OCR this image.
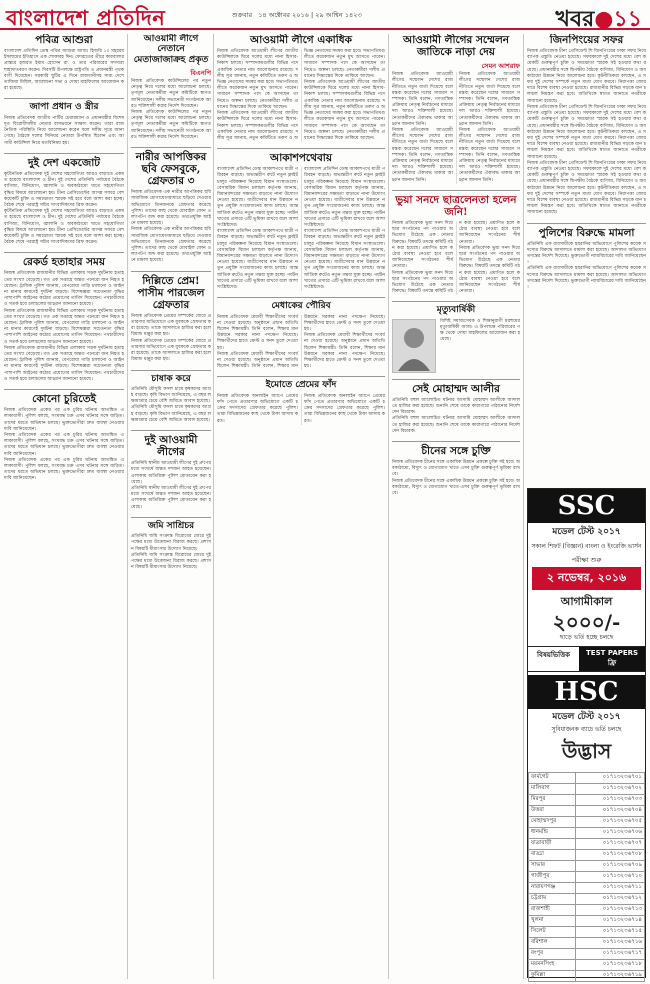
বাংলাদেশ প্রতিদিন	শুক্রবার ১৪ অক্টোবর ২০১৬ | ২৯ আশ্বিন ১৪২৩	খবর●১১
পবিত্র আশুরা
বাংলাদেশ প্রতিদিন ডেস্ক পবিত্র আশুরা আজ। হিজরি ১০ মহররম ইসলামের ইতিহাসে এক শোকাবহ দিন। ফোরাতের তীরে কারবালার প্রান্তরে হজরত ইমাম হোসেন রা. ও তার পরিবারের সদস্যরা শাহাদাতবরণ করেন। দিবসটি উপলক্ষে রাষ্ট্রপতি ও প্রধানমন্ত্রী পৃথক বাণী দিয়েছেন। সরকারি ছুটির এ দিনে রাজধানীসহ সারা দেশে তাজিয়া মিছিল, আলোচনা সভা ও দোয়া মাহফিলের আয়োজন করা হয়েছে।
জাপা প্রধান ও স্ত্রীর
নিজস্ব প্রতিবেদক জাতীয় পার্টির চেয়ারম্যান ও প্রধানমন্ত্রীর বিশেষ দূত বিরোধীদলীয় নেতার বাসভবনে সাক্ষাৎ করেন। তারা রাজনৈতিক পরিস্থিতি নিয়ে আলোচনা করেন বলে দলীয় সূত্রে জানা গেছে। বৈঠকে দলের সিনিয়র নেতারা উপস্থিত ছিলেন এবং আগামী কাউন্সিল নিয়ে মতবিনিময় হয়।
দুই দেশ একজোট
কূটনৈতিক প্রতিবেদক দুই দেশের সহযোগিতা আরও বাড়াতে একমত হয়েছে বাংলাদেশ ও চীন। দুই দেশের প্রতিনিধি পর্যায়ের বৈঠকে বাণিজ্য, বিনিয়োগ, জ্বালানি ও অবকাঠামো খাতে সহযোগিতা বৃদ্ধির বিষয়ে আলোচনা হয়। চীনা প্রেসিডেন্টের আসন্ন সফরে বেশ কয়েকটি চুক্তি ও সমঝোতা স্মারক সই হবে বলে আশা করা হচ্ছে। বৈঠক শেষে পররাষ্ট্র সচিব সাংবাদিকদের ব্রিফ করেন।
কূটনৈতিক প্রতিবেদক দুই দেশের সহযোগিতা আরও বাড়াতে একমত হয়েছে বাংলাদেশ ও চীন। দুই দেশের প্রতিনিধি পর্যায়ের বৈঠকে বাণিজ্য, বিনিয়োগ, জ্বালানি ও অবকাঠামো খাতে সহযোগিতা বৃদ্ধির বিষয়ে আলোচনা হয়। চীনা প্রেসিডেন্টের আসন্ন সফরে বেশ কয়েকটি চুক্তি ও সমঝোতা স্মারক সই হবে বলে আশা করা হচ্ছে। বৈঠক শেষে পররাষ্ট্র সচিব সাংবাদিকদের ব্রিফ করেন।
রেকর্ড হতাহার সময়
নিজস্ব প্রতিবেদক রাজধানীর বিভিন্ন এলাকায় সড়ক দুর্ঘটনায় হতাহতের সংখ্যা বেড়েছে। গত এক সপ্তাহে অন্তত পনেরো জন নিহত হয়েছেন। ট্রাফিক পুলিশ জানায়, বেপরোয়া গাড়ি চালানো ও আইন না মানার কারণেই দুর্ঘটনা বাড়ছে। বিশেষজ্ঞরা সচেতনতা বৃদ্ধির পাশাপাশি আইনের কঠোর প্রয়োগের তাগিদ দিয়েছেন। পথচারীদেরও সতর্ক হয়ে চলাচলের আহ্বান জানানো হয়েছে।
নিজস্ব প্রতিবেদক রাজধানীর বিভিন্ন এলাকায় সড়ক দুর্ঘটনায় হতাহতের সংখ্যা বেড়েছে। গত এক সপ্তাহে অন্তত পনেরো জন নিহত হয়েছেন। ট্রাফিক পুলিশ জানায়, বেপরোয়া গাড়ি চালানো ও আইন না মানার কারণেই দুর্ঘটনা বাড়ছে। বিশেষজ্ঞরা সচেতনতা বৃদ্ধির পাশাপাশি আইনের কঠোর প্রয়োগের তাগিদ দিয়েছেন। পথচারীদেরও সতর্ক হয়ে চলাচলের আহ্বান জানানো হয়েছে।
নিজস্ব প্রতিবেদক রাজধানীর বিভিন্ন এলাকায় সড়ক দুর্ঘটনায় হতাহতের সংখ্যা বেড়েছে। গত এক সপ্তাহে অন্তত পনেরো জন নিহত হয়েছেন। ট্রাফিক পুলিশ জানায়, বেপরোয়া গাড়ি চালানো ও আইন না মানার কারণেই দুর্ঘটনা বাড়ছে। বিশেষজ্ঞরা সচেতনতা বৃদ্ধির পাশাপাশি আইনের কঠোর প্রয়োগের তাগিদ দিয়েছেন। পথচারীদেরও সতর্ক হয়ে চলাচলের আহ্বান জানানো হয়েছে।
কোনো চুরিতেই
নিজস্ব প্রতিবেদক একের পর এক চুরির ঘটনায় আতঙ্কিত এলাকাবাসী। পুলিশ বলছে, সংঘবদ্ধ চক্র এসব ঘটনার সঙ্গে জড়িত। তাদের ধরতে অভিযান চলছে। ভুক্তভোগীরা দ্রুত ব্যবস্থা নেওয়ার দাবি জানিয়েছেন।
নিজস্ব প্রতিবেদক একের পর এক চুরির ঘটনায় আতঙ্কিত এলাকাবাসী। পুলিশ বলছে, সংঘবদ্ধ চক্র এসব ঘটনার সঙ্গে জড়িত। তাদের ধরতে অভিযান চলছে। ভুক্তভোগীরা দ্রুত ব্যবস্থা নেওয়ার দাবি জানিয়েছেন।
নিজস্ব প্রতিবেদক একের পর এক চুরির ঘটনায় আতঙ্কিত এলাকাবাসী। পুলিশ বলছে, সংঘবদ্ধ চক্র এসব ঘটনার সঙ্গে জড়িত। তাদের ধরতে অভিযান চলছে। ভুক্তভোগীরা দ্রুত ব্যবস্থা নেওয়ার দাবি জানিয়েছেন।
আওয়ামী লীগে নেতানে মেতাজাজাক্রহ প্রকৃত
বিএনপি
নিজস্ব প্রতিবেদক কাউন্সিলের পর নতুন নেতৃত্ব নিয়ে দলের মধ্যে আলোচনা চলছে। তৃণমূল নেতাকর্মীরা নতুন কমিটিকে স্বাগত জানিয়েছেন। দলীয় সভানেত্রী সংগঠনকে আরও শক্তিশালী করার নির্দেশ দিয়েছেন।
নিজস্ব প্রতিবেদক কাউন্সিলের পর নতুন নেতৃত্ব নিয়ে দলের মধ্যে আলোচনা চলছে। তৃণমূল নেতাকর্মীরা নতুন কমিটিকে স্বাগত জানিয়েছেন। দলীয় সভানেত্রী সংগঠনকে আরও শক্তিশালী করার নির্দেশ দিয়েছেন।
নারীর আপত্তিকর ছবি ফেসবুকে, গ্রেফতার ৩
নিজস্ব প্রতিবেদক এক নারীর আপত্তিকর ছবি সামাজিক যোগাযোগমাধ্যমে ছড়িয়ে দেওয়ার অভিযোগে তিনজনকে গ্রেফতার করেছে পুলিশ। তাদের কাছ থেকে মোবাইল ফোন ও ল্যাপটপ জব্দ করা হয়েছে। তথ্যপ্রযুক্তি আইনে মামলা হয়েছে।
নিজস্ব প্রতিবেদক এক নারীর আপত্তিকর ছবি সামাজিক যোগাযোগমাধ্যমে ছড়িয়ে দেওয়ার অভিযোগে তিনজনকে গ্রেফতার করেছে পুলিশ। তাদের কাছ থেকে মোবাইল ফোন ও ল্যাপটপ জব্দ করা হয়েছে। তথ্যপ্রযুক্তি আইনে মামলা হয়েছে।
দিল্লিতে প্রেম! পাসীম পারজেল গ্রেফতার
নিজস্ব প্রতিবেদক প্রেমের সম্পর্কের জেরে প্রতারণার অভিযোগে এক যুবককে গ্রেফতার করা হয়েছে। তাকে আদালতে হাজির করা হলে রিমান্ড মঞ্জুর করা হয়।
নিজস্ব প্রতিবেদক প্রেমের সম্পর্কের জেরে প্রতারণার অভিযোগে এক যুবককে গ্রেফতার করা হয়েছে। তাকে আদালতে হাজির করা হলে রিমান্ড মঞ্জুর করা হয়।
চাষাক করে
প্রতিনিধি মৌসুমি ফসল চাষে কৃষকদের আগ্রহ বাড়ছে। কৃষি বিভাগ জানিয়েছে, এ বছর লক্ষ্যমাত্রার চেয়ে বেশি জমিতে আবাদ হয়েছে।
প্রতিনিধি মৌসুমি ফসল চাষে কৃষকদের আগ্রহ বাড়ছে। কৃষি বিভাগ জানিয়েছে, এ বছর লক্ষ্যমাত্রার চেয়ে বেশি জমিতে আবাদ হয়েছে।
দুই আওয়ামী লীগের
প্রতিনিধি স্থানীয় আওয়ামী লীগের দুই গ্রুপের মধ্যে সংঘর্ষে অন্তত দশজন আহত হয়েছেন। এলাকায় অতিরিক্ত পুলিশ মোতায়েন করা হয়েছে।
প্রতিনিধি স্থানীয় আওয়ামী লীগের দুই গ্রুপের মধ্যে সংঘর্ষে অন্তত দশজন আহত হয়েছেন। এলাকায় অতিরিক্ত পুলিশ মোতায়েন করা হয়েছে।
জমি সাশ্রিচর
প্রতিনিধি জমি সংক্রান্ত বিরোধের জেরে দুই পক্ষের মধ্যে উত্তেজনা বিরাজ করছে। প্রশাসন বিষয়টি মীমাংসার উদ্যোগ নিয়েছে।
প্রতিনিধি জমি সংক্রান্ত বিরোধের জেরে দুই পক্ষের মধ্যে উত্তেজনা বিরাজ করছে। প্রশাসন বিষয়টি মীমাংসার উদ্যোগ নিয়েছে।
আওয়ামী লীগে একাধিক
নিজস্ব প্রতিবেদক আওয়ামী লীগের জাতীয় কাউন্সিলকে ঘিরে দলের মধ্যে নানা হিসাব-নিকাশ চলছে। সম্পাদকমণ্ডলীর বিভিন্ন পদে একাধিক নেতার নাম আলোচনায় রয়েছে। দলীয় সূত্র জানায়, নতুন কমিটিতে তরুণ ও অভিজ্ঞ নেতাদের সমন্বয় করা হবে। সভাপতিমণ্ডলীতে কয়েকজন নতুন মুখ আসতে পারেন। সাধারণ সম্পাদক পদে কে আসছেন তা নিয়েও জল্পনা চলছে। নেতাকর্মীরা দলীয় প্রধানের সিদ্ধান্তের দিকে তাকিয়ে আছেন।
নিজস্ব প্রতিবেদক আওয়ামী লীগের জাতীয় কাউন্সিলকে ঘিরে দলের মধ্যে নানা হিসাব-নিকাশ চলছে। সম্পাদকমণ্ডলীর বিভিন্ন পদে একাধিক নেতার নাম আলোচনায় রয়েছে। দলীয় সূত্র জানায়, নতুন কমিটিতে তরুণ ও অভিজ্ঞ নেতাদের সমন্বয় করা হবে। সভাপতিমণ্ডলীতে কয়েকজন নতুন মুখ আসতে পারেন। সাধারণ সম্পাদক পদে কে আসছেন তা নিয়েও জল্পনা চলছে। নেতাকর্মীরা দলীয় প্রধানের সিদ্ধান্তের দিকে তাকিয়ে আছেন।
নিজস্ব প্রতিবেদক আওয়ামী লীগের জাতীয় কাউন্সিলকে ঘিরে দলের মধ্যে নানা হিসাব-নিকাশ চলছে। সম্পাদকমণ্ডলীর বিভিন্ন পদে একাধিক নেতার নাম আলোচনায় রয়েছে। দলীয় সূত্র জানায়, নতুন কমিটিতে তরুণ ও অভিজ্ঞ নেতাদের সমন্বয় করা হবে। সভাপতিমণ্ডলীতে কয়েকজন নতুন মুখ আসতে পারেন। সাধারণ সম্পাদক পদে কে আসছেন তা নিয়েও জল্পনা চলছে। নেতাকর্মীরা দলীয় প্রধানের সিদ্ধান্তের দিকে তাকিয়ে আছেন।
আকাশপথেবায়
বাংলাদেশ প্রতিদিন ডেস্ক আকাশপথে যাত্রী পরিবহন বাড়ছে। অভ্যন্তরীণ রুটে নতুন ফ্লাইট চালুর পরিকল্পনা নিয়েছে বিমান সংস্থাগুলো। বেসামরিক বিমান চলাচল কর্তৃপক্ষ জানায়, বিমানবন্দরের সক্ষমতা বাড়াতে নানা উদ্যোগ নেওয়া হয়েছে। যাত্রীসেবার মান উন্নয়নে নতুন প্রযুক্তি সংযোজনের কাজ চলছে। আন্তর্জাতিক রুটেও নতুন গন্তব্য যুক্ত হচ্ছে। পর্যটন খাতের প্রসারে এটি ভূমিকা রাখবে বলে আশা সংশ্লিষ্টদের।
বাংলাদেশ প্রতিদিন ডেস্ক আকাশপথে যাত্রী পরিবহন বাড়ছে। অভ্যন্তরীণ রুটে নতুন ফ্লাইট চালুর পরিকল্পনা নিয়েছে বিমান সংস্থাগুলো। বেসামরিক বিমান চলাচল কর্তৃপক্ষ জানায়, বিমানবন্দরের সক্ষমতা বাড়াতে নানা উদ্যোগ নেওয়া হয়েছে। যাত্রীসেবার মান উন্নয়নে নতুন প্রযুক্তি সংযোজনের কাজ চলছে। আন্তর্জাতিক রুটেও নতুন গন্তব্য যুক্ত হচ্ছে। পর্যটন খাতের প্রসারে এটি ভূমিকা রাখবে বলে আশা সংশ্লিষ্টদের।
বাংলাদেশ প্রতিদিন ডেস্ক আকাশপথে যাত্রী পরিবহন বাড়ছে। অভ্যন্তরীণ রুটে নতুন ফ্লাইট চালুর পরিকল্পনা নিয়েছে বিমান সংস্থাগুলো। বেসামরিক বিমান চলাচল কর্তৃপক্ষ জানায়, বিমানবন্দরের সক্ষমতা বাড়াতে নানা উদ্যোগ নেওয়া হয়েছে। যাত্রীসেবার মান উন্নয়নে নতুন প্রযুক্তি সংযোজনের কাজ চলছে। আন্তর্জাতিক রুটেও নতুন গন্তব্য যুক্ত হচ্ছে। পর্যটন খাতের প্রসারে এটি ভূমিকা রাখবে বলে আশা সংশ্লিষ্টদের।
বাংলাদেশ প্রতিদিন ডেস্ক আকাশপথে যাত্রী পরিবহন বাড়ছে। অভ্যন্তরীণ রুটে নতুন ফ্লাইট চালুর পরিকল্পনা নিয়েছে বিমান সংস্থাগুলো। বেসামরিক বিমান চলাচল কর্তৃপক্ষ জানায়, বিমানবন্দরের সক্ষমতা বাড়াতে নানা উদ্যোগ নেওয়া হয়েছে। যাত্রীসেবার মান উন্নয়নে নতুন প্রযুক্তি সংযোজনের কাজ চলছে। আন্তর্জাতিক রুটেও নতুন গন্তব্য যুক্ত হচ্ছে। পর্যটন খাতের প্রসারে এটি ভূমিকা রাখবে বলে আশা সংশ্লিষ্টদের।
মেধাকের পৌরিব
নিজস্ব প্রতিবেদক মেধাবী শিক্ষার্থীদের সংবর্ধনা দেওয়া হয়েছে। অনুষ্ঠানে প্রধান অতিথি ছিলেন শিক্ষামন্ত্রী। তিনি বলেন, শিক্ষার মান উন্নয়নে সরকার নানা পদক্ষেপ নিয়েছে। শিক্ষার্থীদের হাতে ক্রেস্ট ও সনদ তুলে দেওয়া হয়।
নিজস্ব প্রতিবেদক মেধাবী শিক্ষার্থীদের সংবর্ধনা দেওয়া হয়েছে। অনুষ্ঠানে প্রধান অতিথি ছিলেন শিক্ষামন্ত্রী। তিনি বলেন, শিক্ষার মান উন্নয়নে সরকার নানা পদক্ষেপ নিয়েছে। শিক্ষার্থীদের হাতে ক্রেস্ট ও সনদ তুলে দেওয়া হয়।
নিজস্ব প্রতিবেদক মেধাবী শিক্ষার্থীদের সংবর্ধনা দেওয়া হয়েছে। অনুষ্ঠানে প্রধান অতিথি ছিলেন শিক্ষামন্ত্রী। তিনি বলেন, শিক্ষার মান উন্নয়নে সরকার নানা পদক্ষেপ নিয়েছে। শিক্ষার্থীদের হাতে ক্রেস্ট ও সনদ তুলে দেওয়া হয়।
ইমোতে প্রেমের ফাঁদ
নিজস্ব প্রতিবেদক অনলাইন অ্যাপে প্রেমের ফাঁদ পেতে প্রতারণার অভিযোগে একটি চক্রের সদস্যদের গ্রেফতার করেছে পুলিশ। তারা বিভিন্নজনের কাছ থেকে টাকা আদায় করত।
নিজস্ব প্রতিবেদক অনলাইন অ্যাপে প্রেমের ফাঁদ পেতে প্রতারণার অভিযোগে একটি চক্রের সদস্যদের গ্রেফতার করেছে পুলিশ। তারা বিভিন্নজনের কাছ থেকে টাকা আদায় করত।
আওয়ামী লীগের সম্মেলন জাতিকে নাড়া দেয়
সেমন আশরাফ
নিজস্ব প্রতিবেদক আওয়ামী লীগের সম্মেলন দেশের রাজনীতিতে নতুন বার্তা দিয়েছে বলে মন্তব্য করেছেন দলের সাধারণ সম্পাদক। তিনি বলেন, গণতান্ত্রিক প্রক্রিয়ায় নেতৃত্ব নির্বাচনের মাধ্যমে দল আরও শক্তিশালী হয়েছে। নেতাকর্মীদের ঐক্যবদ্ধ থাকার আহ্বান জানান তিনি।
নিজস্ব প্রতিবেদক আওয়ামী লীগের সম্মেলন দেশের রাজনীতিতে নতুন বার্তা দিয়েছে বলে মন্তব্য করেছেন দলের সাধারণ সম্পাদক। তিনি বলেন, গণতান্ত্রিক প্রক্রিয়ায় নেতৃত্ব নির্বাচনের মাধ্যমে দল আরও শক্তিশালী হয়েছে। নেতাকর্মীদের ঐক্যবদ্ধ থাকার আহ্বান জানান তিনি।
নিজস্ব প্রতিবেদক আওয়ামী লীগের সম্মেলন দেশের রাজনীতিতে নতুন বার্তা দিয়েছে বলে মন্তব্য করেছেন দলের সাধারণ সম্পাদক। তিনি বলেন, গণতান্ত্রিক প্রক্রিয়ায় নেতৃত্ব নির্বাচনের মাধ্যমে দল আরও শক্তিশালী হয়েছে। নেতাকর্মীদের ঐক্যবদ্ধ থাকার আহ্বান জানান তিনি।
নিজস্ব প্রতিবেদক আওয়ামী লীগের সম্মেলন দেশের রাজনীতিতে নতুন বার্তা দিয়েছে বলে মন্তব্য করেছেন দলের সাধারণ সম্পাদক। তিনি বলেন, গণতান্ত্রিক প্রক্রিয়ায় নেতৃত্ব নির্বাচনের মাধ্যমে দল আরও শক্তিশালী হয়েছে। নেতাকর্মীদের ঐক্যবদ্ধ থাকার আহ্বান জানান তিনি।
ভুয়া সনদে ছাত্রলেনতা হলেন জনি!
নিজস্ব প্রতিবেদক ভুয়া সনদ দিয়ে ছাত্র সংগঠনের পদ পাওয়ার অভিযোগ উঠেছে এক নেতার বিরুদ্ধে। বিষয়টি তদন্তে কমিটি গঠন করা হয়েছে। প্রমাণিত হলে কঠোর ব্যবস্থা নেওয়া হবে বলে জানিয়েছেন সংগঠনের শীর্ষ নেতারা।
নিজস্ব প্রতিবেদক ভুয়া সনদ দিয়ে ছাত্র সংগঠনের পদ পাওয়ার অভিযোগ উঠেছে এক নেতার বিরুদ্ধে। বিষয়টি তদন্তে কমিটি গঠন করা হয়েছে। প্রমাণিত হলে কঠোর ব্যবস্থা নেওয়া হবে বলে জানিয়েছেন সংগঠনের শীর্ষ নেতারা।
নিজস্ব প্রতিবেদক ভুয়া সনদ দিয়ে ছাত্র সংগঠনের পদ পাওয়ার অভিযোগ উঠেছে এক নেতার বিরুদ্ধে। বিষয়টি তদন্তে কমিটি গঠন করা হয়েছে। প্রমাণিত হলে কঠোর ব্যবস্থা নেওয়া হবে বলে জানিয়েছেন সংগঠনের শীর্ষ নেতারা।
মৃত্যুবার্ষিকী
বিশিষ্ট সমাজসেবক ও শিক্ষানুরাগী মরহুমের মৃত্যুবার্ষিকী আজ। এ উপলক্ষে পরিবারের পক্ষ থেকে দোয়া মাহফিলের আয়োজন করা হয়েছে।
সেই মোহাম্মদ আলীর
প্রতিনিধি বহুল আলোচিত ঘটনার আসামি মোহাম্মদ আলীকে আদালতে হাজির করা হয়েছে। শুনানি শেষে তাকে কারাগারে পাঠানোর নির্দেশ দেন বিচারক।
প্রতিনিধি বহুল আলোচিত ঘটনার আসামি মোহাম্মদ আলীকে আদালতে হাজির করা হয়েছে। শুনানি শেষে তাকে কারাগারে পাঠানোর নির্দেশ দেন বিচারক।
চীনের সঙ্গে চুক্তি
নিজস্ব প্রতিবেদক চীনের সঙ্গে একাধিক উন্নয়ন প্রকল্পে চুক্তি সই হবে। অবকাঠামো, বিদ্যুৎ ও যোগাযোগ খাতে এসব চুক্তি গুরুত্বপূর্ণ ভূমিকা রাখবে।
নিজস্ব প্রতিবেদক চীনের সঙ্গে একাধিক উন্নয়ন প্রকল্পে চুক্তি সই হবে। অবকাঠামো, বিদ্যুৎ ও যোগাযোগ খাতে এসব চুক্তি গুরুত্বপূর্ণ ভূমিকা রাখবে।
জিনপিংয়ের সফর
নিজস্ব প্রতিবেদক চীনা প্রেসিডেন্ট শি জিনপিংয়ের ঢাকা সফর নিয়ে ব্যাপক প্রস্তুতি নেওয়া হয়েছে। সফরকালে দুই দেশের মধ্যে বেশ কয়েকটি গুরুত্বপূর্ণ চুক্তি ও সমঝোতা স্মারক সই হওয়ার কথা রয়েছে। প্রধানমন্ত্রীর সঙ্গে দ্বিপক্ষীয় বৈঠকে বাণিজ্য, বিনিয়োগ ও অবকাঠামো উন্নয়ন নিয়ে আলোচনা হবে। কূটনীতিকরা বলছেন, এ সফর দুই দেশের সম্পর্কে নতুন মাত্রা যোগ করবে। নিরাপত্তা জোরদারে বিশেষ ব্যবস্থা নেওয়া হয়েছে। রাজধানীর বিভিন্ন সড়কে যান চলাচল নিয়ন্ত্রণ করা হবে। অতিথিকে স্বাগত জানাতে নগরীকে সাজানো হয়েছে।
নিজস্ব প্রতিবেদক চীনা প্রেসিডেন্ট শি জিনপিংয়ের ঢাকা সফর নিয়ে ব্যাপক প্রস্তুতি নেওয়া হয়েছে। সফরকালে দুই দেশের মধ্যে বেশ কয়েকটি গুরুত্বপূর্ণ চুক্তি ও সমঝোতা স্মারক সই হওয়ার কথা রয়েছে। প্রধানমন্ত্রীর সঙ্গে দ্বিপক্ষীয় বৈঠকে বাণিজ্য, বিনিয়োগ ও অবকাঠামো উন্নয়ন নিয়ে আলোচনা হবে। কূটনীতিকরা বলছেন, এ সফর দুই দেশের সম্পর্কে নতুন মাত্রা যোগ করবে। নিরাপত্তা জোরদারে বিশেষ ব্যবস্থা নেওয়া হয়েছে। রাজধানীর বিভিন্ন সড়কে যান চলাচল নিয়ন্ত্রণ করা হবে। অতিথিকে স্বাগত জানাতে নগরীকে সাজানো হয়েছে।
নিজস্ব প্রতিবেদক চীনা প্রেসিডেন্ট শি জিনপিংয়ের ঢাকা সফর নিয়ে ব্যাপক প্রস্তুতি নেওয়া হয়েছে। সফরকালে দুই দেশের মধ্যে বেশ কয়েকটি গুরুত্বপূর্ণ চুক্তি ও সমঝোতা স্মারক সই হওয়ার কথা রয়েছে। প্রধানমন্ত্রীর সঙ্গে দ্বিপক্ষীয় বৈঠকে বাণিজ্য, বিনিয়োগ ও অবকাঠামো উন্নয়ন নিয়ে আলোচনা হবে। কূটনীতিকরা বলছেন, এ সফর দুই দেশের সম্পর্কে নতুন মাত্রা যোগ করবে। নিরাপত্তা জোরদারে বিশেষ ব্যবস্থা নেওয়া হয়েছে। রাজধানীর বিভিন্ন সড়কে যান চলাচল নিয়ন্ত্রণ করা হবে। অতিথিকে স্বাগত জানাতে নগরীকে সাজানো হয়েছে।
পুলিশের বিরুদ্ধে মামলা
প্রতিনিধি এক ব্যবসায়ীকে হয়রানির অভিযোগে পুলিশের কয়েক সদস্যের বিরুদ্ধে আদালতে মামলা করা হয়েছে। আদালত অভিযোগ তদন্তের নির্দেশ দিয়েছে। ভুক্তভোগী ন্যায়বিচারের দাবি জানিয়েছেন।
প্রতিনিধি এক ব্যবসায়ীকে হয়রানির অভিযোগে পুলিশের কয়েক সদস্যের বিরুদ্ধে আদালতে মামলা করা হয়েছে। আদালত অভিযোগ তদন্তের নির্দেশ দিয়েছে। ভুক্তভোগী ন্যায়বিচারের দাবি জানিয়েছেন।
SSC
মডেল টেস্ট ২০১৭
সকাল শিফট (বিজ্ঞান) বাংলা ও ইংরেজি ভার্সন
পরীক্ষা শুরু
২ নভেম্বর, ২০১৬
আগামীকাল
২০০০/-
ছাড়ে ভর্তি হচ্ছে চলছে
বিষয়ভিত্তিক	TEST PAPERS
ফ্রি
HSC
মডেল টেস্ট ২০১৭
সুবিধাজনক ব্যাচে ভর্তি চলছে
উদ্ভাস
ফার্মগেট	০১৭১৩২৩৬৭০১
মালিবাগ	০১৭১৩২৩৬৭০২
মিরপুর	০১৭১৩২৩৬৭০৩
উত্তরা	০১৭১৩২৩৬৭০৪
মোহাম্মদপুর	০১৭১৩২৩৬৭০৫
ধানমন্ডি	০১৭১৩২৩৬৭০৬
যাত্রাবাড়ী	০১৭১৩২৩৬৭০৭
বাড্ডা	০১৭১৩২৩৬৭০৮
সাভার	০১৭১৩২৩৬৭০৯
গাজীপুর	০১৭১৩২৩৬৭১০
নারায়ণগঞ্জ	০১৭১৩২৩৬৭১১
চট্টগ্রাম	০১৭১৩২৩৬৭১২
রাজশাহী	০১৭১৩২৩৬৭১৩
খুলনা	০১৭১৩২৩৬৭১৪
সিলেট	০১৭১৩২৩৬৭১৫
বরিশাল	০১৭১৩২৩৬৭১৬
রংপুর	০১৭১৩২৩৬৭১৭
ময়মনসিংহ	০১৭১৩২৩৬৭১৮
কুমিল্লা	০১৭১৩২৩৬৭১৯
